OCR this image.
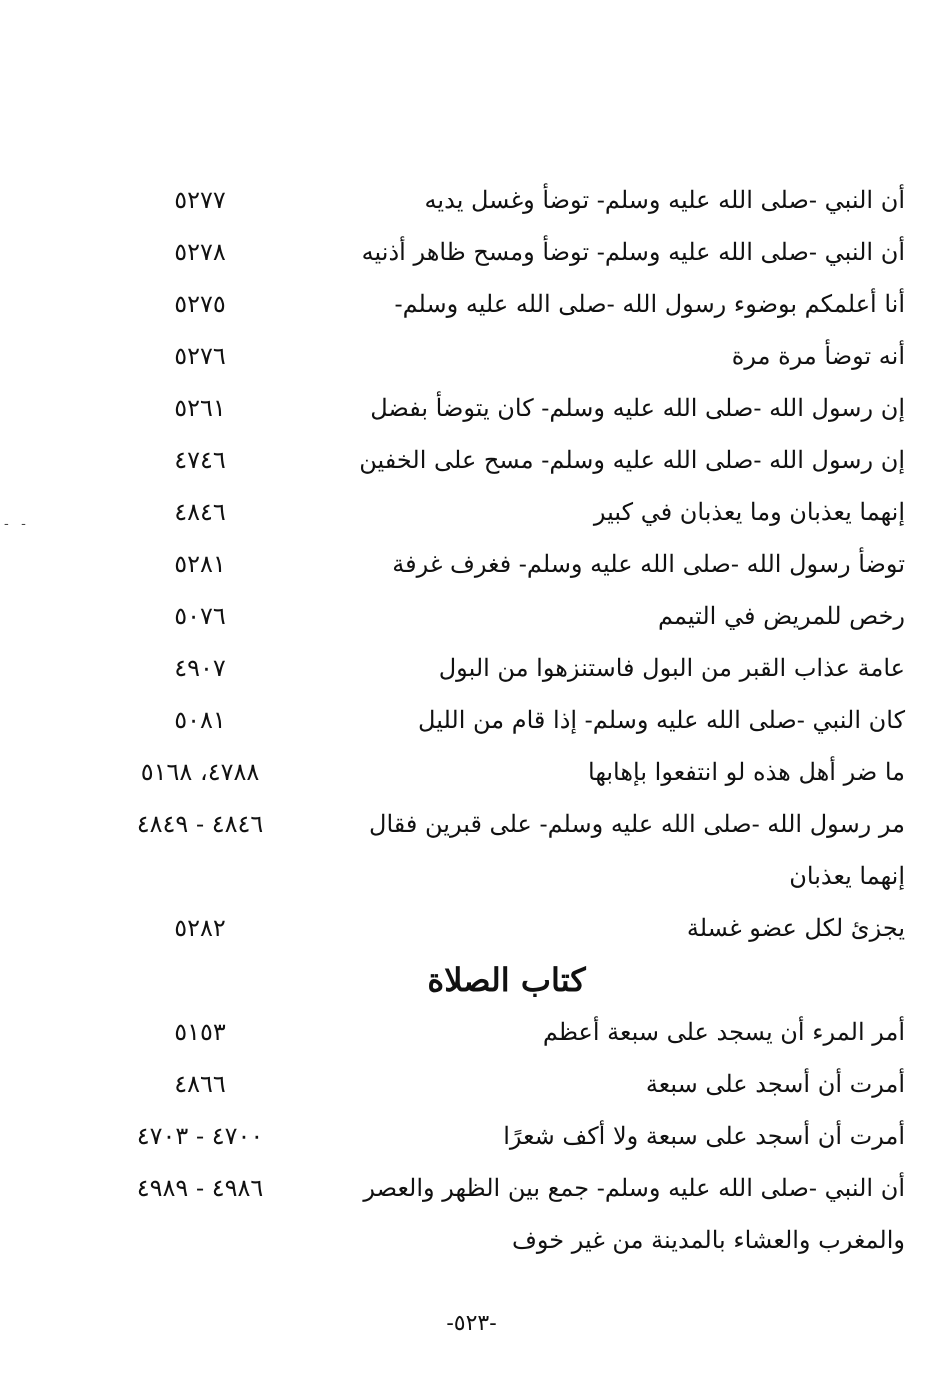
أن النبي -صلى الله عليه وسلم- توضأ وغسل يديه
٥٢٧٧
أن النبي -صلى الله عليه وسلم- توضأ ومسح ظاهر أذنيه
٥٢٧٨
أنا أعلمكم بوضوء رسول الله -صلى الله عليه وسلم-
٥٢٧٥
أنه توضأ مرة مرة
٥٢٧٦
إن رسول الله -صلى الله عليه وسلم- كان يتوضأ بفضل
٥٢٦١
إن رسول الله -صلى الله عليه وسلم- مسح على الخفين
٤٧٤٦
إنهما يعذبان وما يعذبان في كبير
٤٨٤٦
توضأ رسول الله -صلى الله عليه وسلم- فغرف غرفة
٥٢٨١
رخص للمريض في التيمم
٥٠٧٦
عامة عذاب القبر من البول فاستنزهوا من البول
٤٩٠٧
كان النبي -صلى الله عليه وسلم- إذا قام من الليل
٥٠٨١
ما ضر أهل هذه لو انتفعوا بإهابها
٤٧٨٨، ٥١٦٨
مر رسول الله -صلى الله عليه وسلم- على قبرين فقال
٤٨٤٦ - ٤٨٤٩
إنهما يعذبان
يجزئ لكل عضو غسلة
٥٢٨٢
كتاب الصلاة
أمر المرء أن يسجد على سبعة أعظم
٥١٥٣
أمرت أن أسجد على سبعة
٤٨٦٦
أمرت أن أسجد على سبعة ولا أكف شعرًا
٤٧٠٠ - ٤٧٠٣
أن النبي -صلى الله عليه وسلم- جمع بين الظهر والعصر
٤٩٨٦ - ٤٩٨٩
والمغرب والعشاء بالمدينة من غير خوف
-٥٢٣-
- -
